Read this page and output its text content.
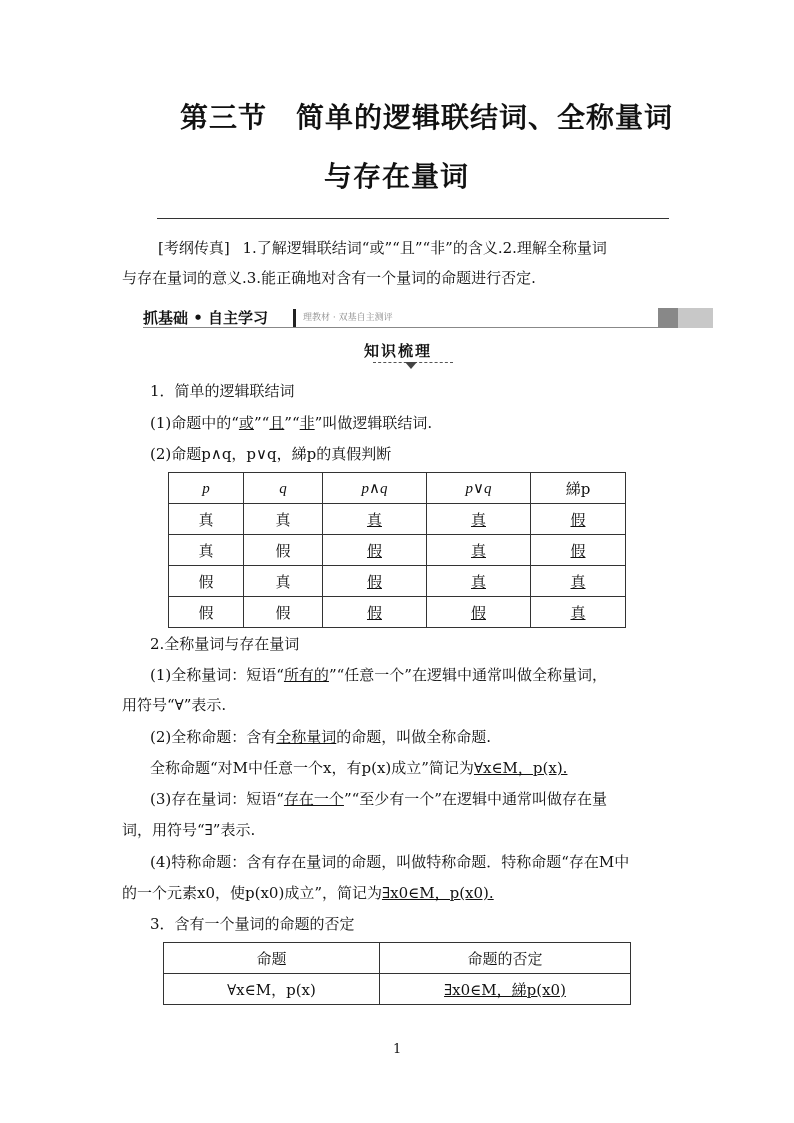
第三节　简单的逻辑联结词、全称量词
与存在量词
[考纲传真] 1.了解逻辑联结词“或”“且”“非”的含义.2.理解全称量词
与存在量词的意义.3.能正确地对含有一个量词的命题进行否定.
抓基础 • 自主学习	理教材 · 双基自主测评
知识梳理
1．简单的逻辑联结词
(1)命题中的“或”“且”“非”叫做逻辑联结词.
(2)命题p∧q，p∨q，綈p的真假判断
p	q	p∧q	p∨q	綈p
真	真	真	真	假
真	假	假	真	假
假	真	假	真	真
假	假	假	假	真
2.全称量词与存在量词
(1)全称量词：短语“所有的”“任意一个”在逻辑中通常叫做全称量词，
用符号“∀”表示.
(2)全称命题：含有全称量词的命题，叫做全称命题.
全称命题“对M中任意一个x，有p(x)成立”简记为∀x∈M，p(x).
(3)存在量词：短语“存在一个”“至少有一个”在逻辑中通常叫做存在量
词，用符号“∃”表示.
(4)特称命题：含有存在量词的命题，叫做特称命题．特称命题“存在M中
的一个元素x0，使p(x0)成立”，简记为∃x0∈M，p(x0).
3．含有一个量词的命题的否定
命题	命题的否定
∀x∈M，p(x)	∃x0∈M，綈p(x0)
1
